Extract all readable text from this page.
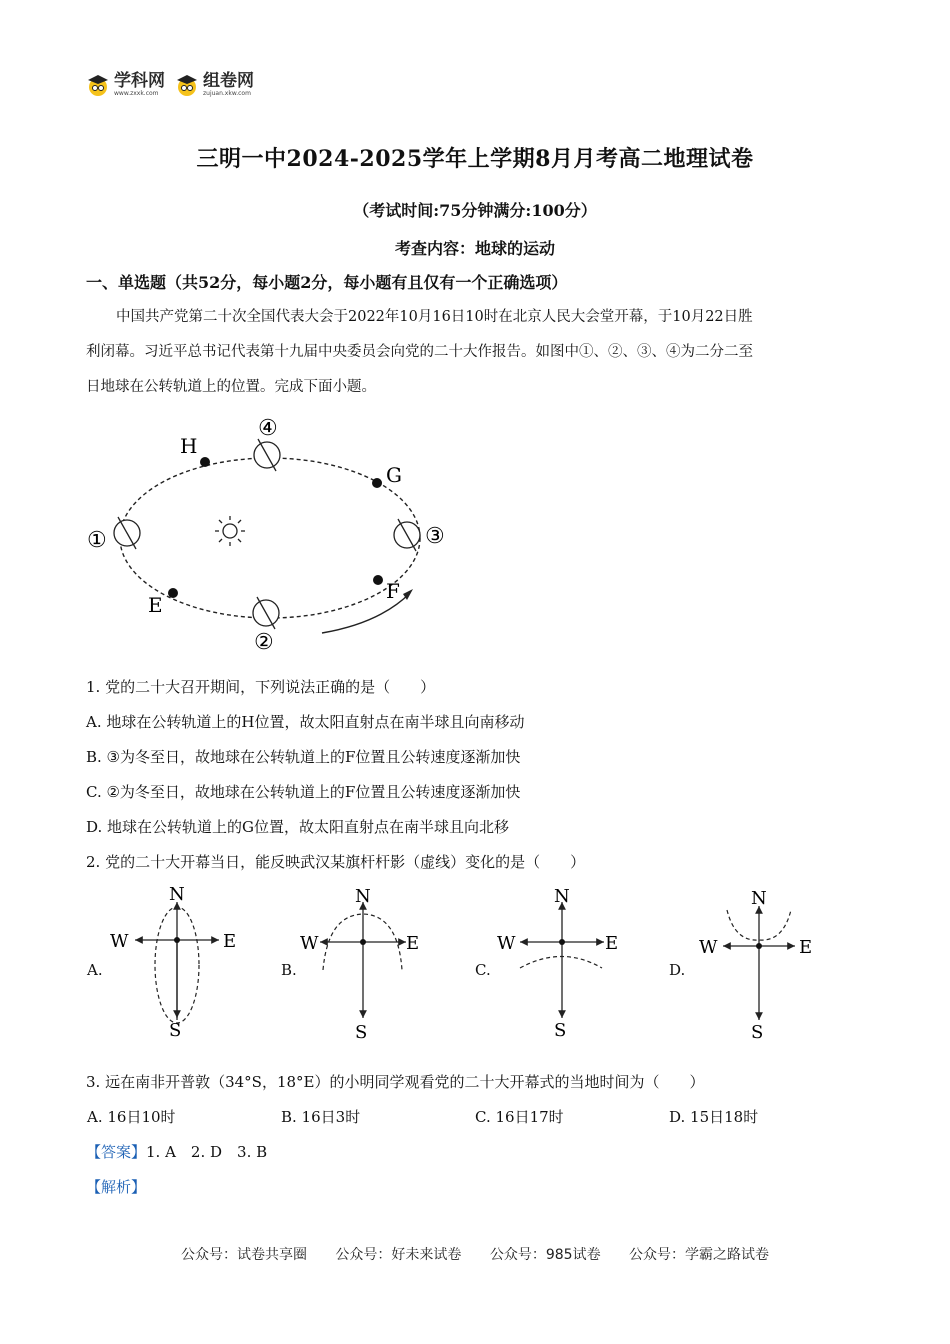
学科网
www.zxxk.com
组卷网
zujuan.xkw.com
三明一中2024-2025学年上学期8月月考高二地理试卷
（考试时间:75分钟满分:100分）
考查内容：地球的运动
一、单选题（共52分，每小题2分，每小题有且仅有一个正确选项）
中国共产党第二十次全国代表大会于2022年10月16日10时在北京人民大会堂开幕，于10月22日胜
利闭幕。习近平总书记代表第十九届中央委员会向党的二十大作报告。如图中①、②、③、④为二分二至
日地球在公转轨道上的位置。完成下面小题。
H
G
E
F
①
②
③
④
1. 党的二十大召开期间，下列说法正确的是（　　）
A. 地球在公转轨道上的H位置，故太阳直射点在南半球且向南移动
B. ③为冬至日，故地球在公转轨道上的F位置且公转速度逐渐加快
C. ②为冬至日，故地球在公转轨道上的F位置且公转速度逐渐加快
D. 地球在公转轨道上的G位置，故太阳直射点在南半球且向北移
2. 党的二十大开幕当日，能反映武汉某旗杆杆影（虚线）变化的是（　　）
A.	B.	C.	D.
N
S
W	E
N
S
W	E
N
S
W	E
N
S
W	E
3. 远在南非开普敦（34°S，18°E）的小明同学观看党的二十大开幕式的当地时间为（　　）
A. 16日10时	B. 16日3时	C. 16日17时	D. 15日18时
【答案】1. A　2. D　3. B
【解析】
公众号：试卷共享圈 公众号：好未来试卷 公众号：985试卷 公众号：学霸之路试卷
